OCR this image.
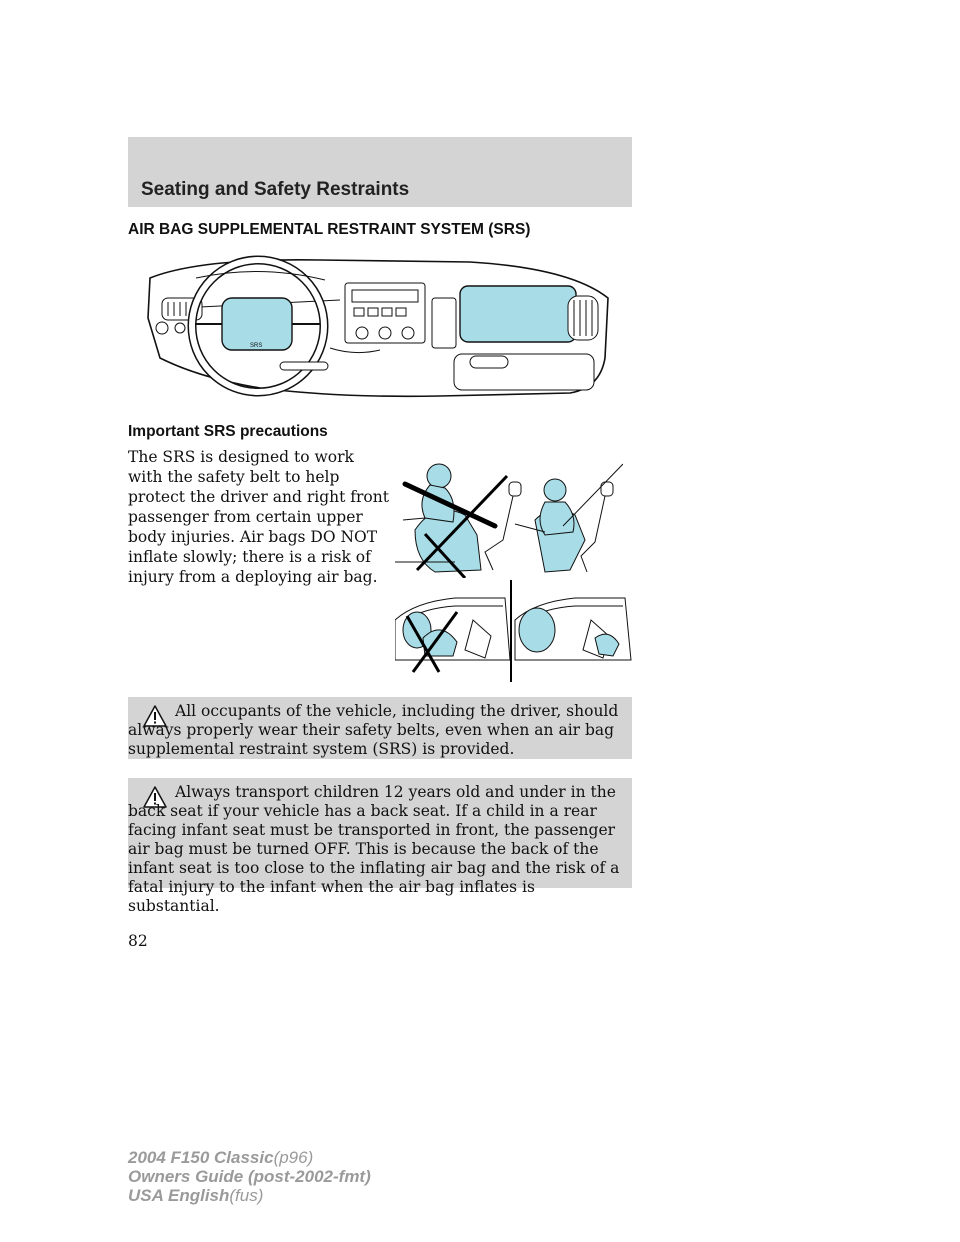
Seating and Safety Restraints
AIR BAG SUPPLEMENTAL RESTRAINT SYSTEM (SRS)
SRS
Important SRS precautions

The SRS is designed to work with the safety belt to help protect the driver and right front passenger from certain upper body injuries. Air bags DO NOT inflate slowly; there is a risk of injury from a deploying air bag.

All occupants of the vehicle, including the driver, should always properly wear their safety belts, even when an air bag supplemental restraint system (SRS) is provided.

Always transport children 12 years old and under in the back seat if your vehicle has a back seat. If a child in a rear facing infant seat must be transported in front, the passenger air bag must be turned OFF. This is because the back of the infant seat is too close to the inflating air bag and the risk of a fatal injury to the infant when the air bag inflates is substantial.

82
2004 F150 Classic(p96)
Owners Guide (post-2002-fmt)
USA English(fus)
